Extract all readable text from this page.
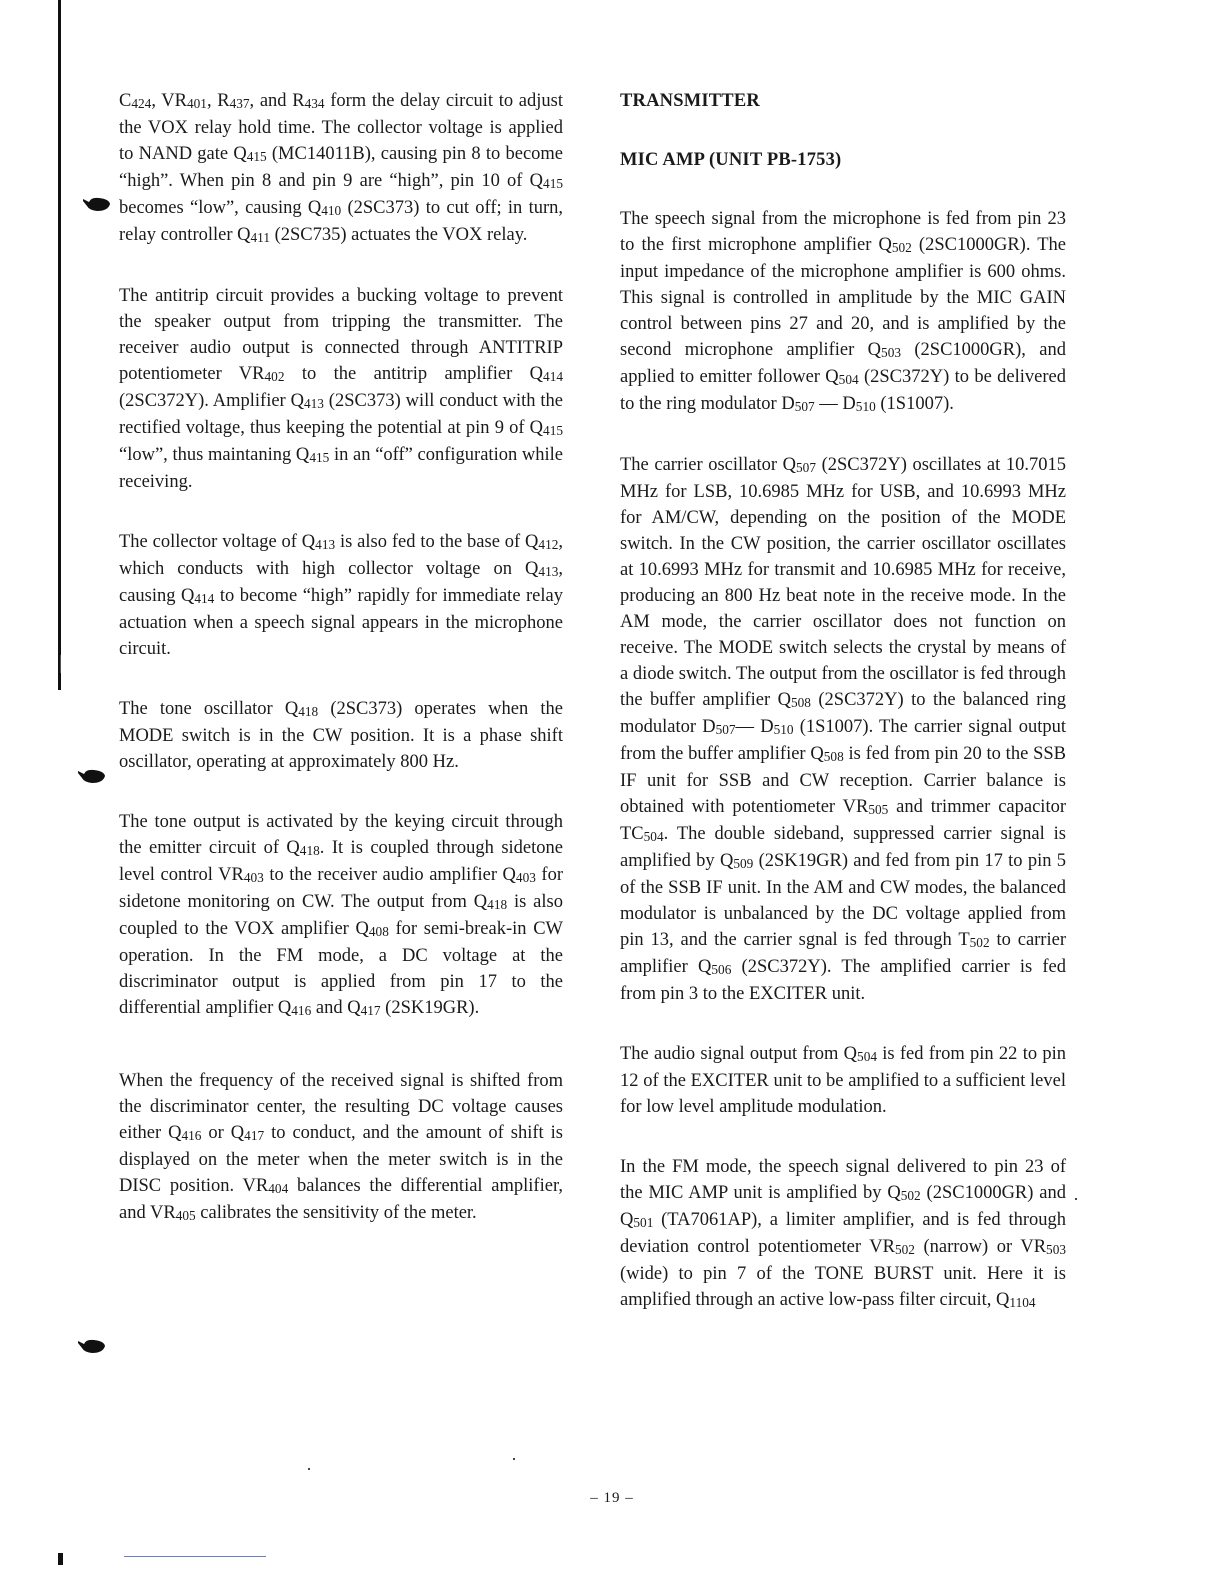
C424, VR401, R437, and R434 form the delay circuit to adjust the VOX relay hold time. The collector voltage is applied to NAND gate Q415 (MC14011B), causing pin 8 to become “high”. When pin 8 and pin 9 are “high”, pin 10 of Q415 becomes “low”, causing Q410 (2SC373) to cut off; in turn, relay controller Q411 (2SC735) actuates the VOX relay.

The antitrip circuit provides a bucking voltage to prevent the speaker output from tripping the transmitter. The receiver audio output is connected through ANTITRIP potentiometer VR402 to the antitrip amplifier Q414 (2SC372Y). Amplifier Q413 (2SC373) will conduct with the rectified voltage, thus keeping the potential at pin 9 of Q415 “low”, thus maintaning Q415 in an “off” configuration while receiving.

The collector voltage of Q413 is also fed to the base of Q412, which conducts with high collector voltage on Q413, causing Q414 to become “high” rapidly for immediate relay actuation when a speech signal appears in the microphone circuit.

The tone oscillator Q418 (2SC373) operates when the MODE switch is in the CW position. It is a phase shift oscillator, operating at approximately 800 Hz.

The tone output is activated by the keying circuit through the emitter circuit of Q418. It is coupled through sidetone level control VR403 to the receiver audio amplifier Q403 for sidetone monitoring on CW. The output from Q418 is also coupled to the VOX amplifier Q408 for semi-break-in CW operation. In the FM mode, a DC voltage at the discriminator output is applied from pin 17 to the differential amplifier Q416 and Q417 (2SK19GR).

When the frequency of the received signal is shifted from the discriminator center, the resulting DC voltage causes either Q416 or Q417 to conduct, and the amount of shift is displayed on the meter when the meter switch is in the DISC position. VR404 balances the differential amplifier, and VR405 calibrates the sensitivity of the meter.

TRANSMITTER
MIC AMP (UNIT PB-1753)

The speech signal from the microphone is fed from pin 23 to the first microphone amplifier Q502 (2SC1000GR). The input impedance of the microphone amplifier is 600 ohms. This signal is controlled in amplitude by the MIC GAIN control between pins 27 and 20, and is amplified by the second microphone amplifier Q503 (2SC1000GR), and applied to emitter follower Q504 (2SC372Y) to be delivered to the ring modulator D507 — D510 (1S1007).

The carrier oscillator Q507 (2SC372Y) oscillates at 10.7015 MHz for LSB, 10.6985 MHz for USB, and 10.6993 MHz for AM/CW, depending on the position of the MODE switch. In the CW position, the carrier oscillator oscillates at 10.6993 MHz for transmit and 10.6985 MHz for receive, producing an 800 Hz beat note in the receive mode. In the AM mode, the carrier oscillator does not function on receive. The MODE switch selects the crystal by means of a diode switch. The output from the oscillator is fed through the buffer amplifier Q508 (2SC372Y) to the balanced ring modulator D507— D510 (1S1007). The carrier signal output from the buffer amplifier Q508 is fed from pin 20 to the SSB IF unit for SSB and CW reception. Carrier balance is obtained with potentiometer VR505 and trimmer capacitor TC504. The double sideband, suppressed carrier signal is amplified by Q509 (2SK19GR) and fed from pin 17 to pin 5 of the SSB IF unit. In the AM and CW modes, the balanced modulator is unbalanced by the DC voltage applied from pin 13, and the carrier sgnal is fed through T502 to carrier amplifier Q506 (2SC372Y). The amplified carrier is fed from pin 3 to the EXCITER unit.

The audio signal output from Q504 is fed from pin 22 to pin 12 of the EXCITER unit to be amplified to a sufficient level for low level amplitude modulation.

In the FM mode, the speech signal delivered to pin 23 of the MIC AMP unit is amplified by Q502 (2SC1000GR) and Q501 (TA7061AP), a limiter amplifier, and is fed through deviation control potentiometer VR502 (narrow) or VR503 (wide) to pin 7 of the TONE BURST unit. Here it is amplified through an active low-pass filter circuit, Q1104

– 19 –
